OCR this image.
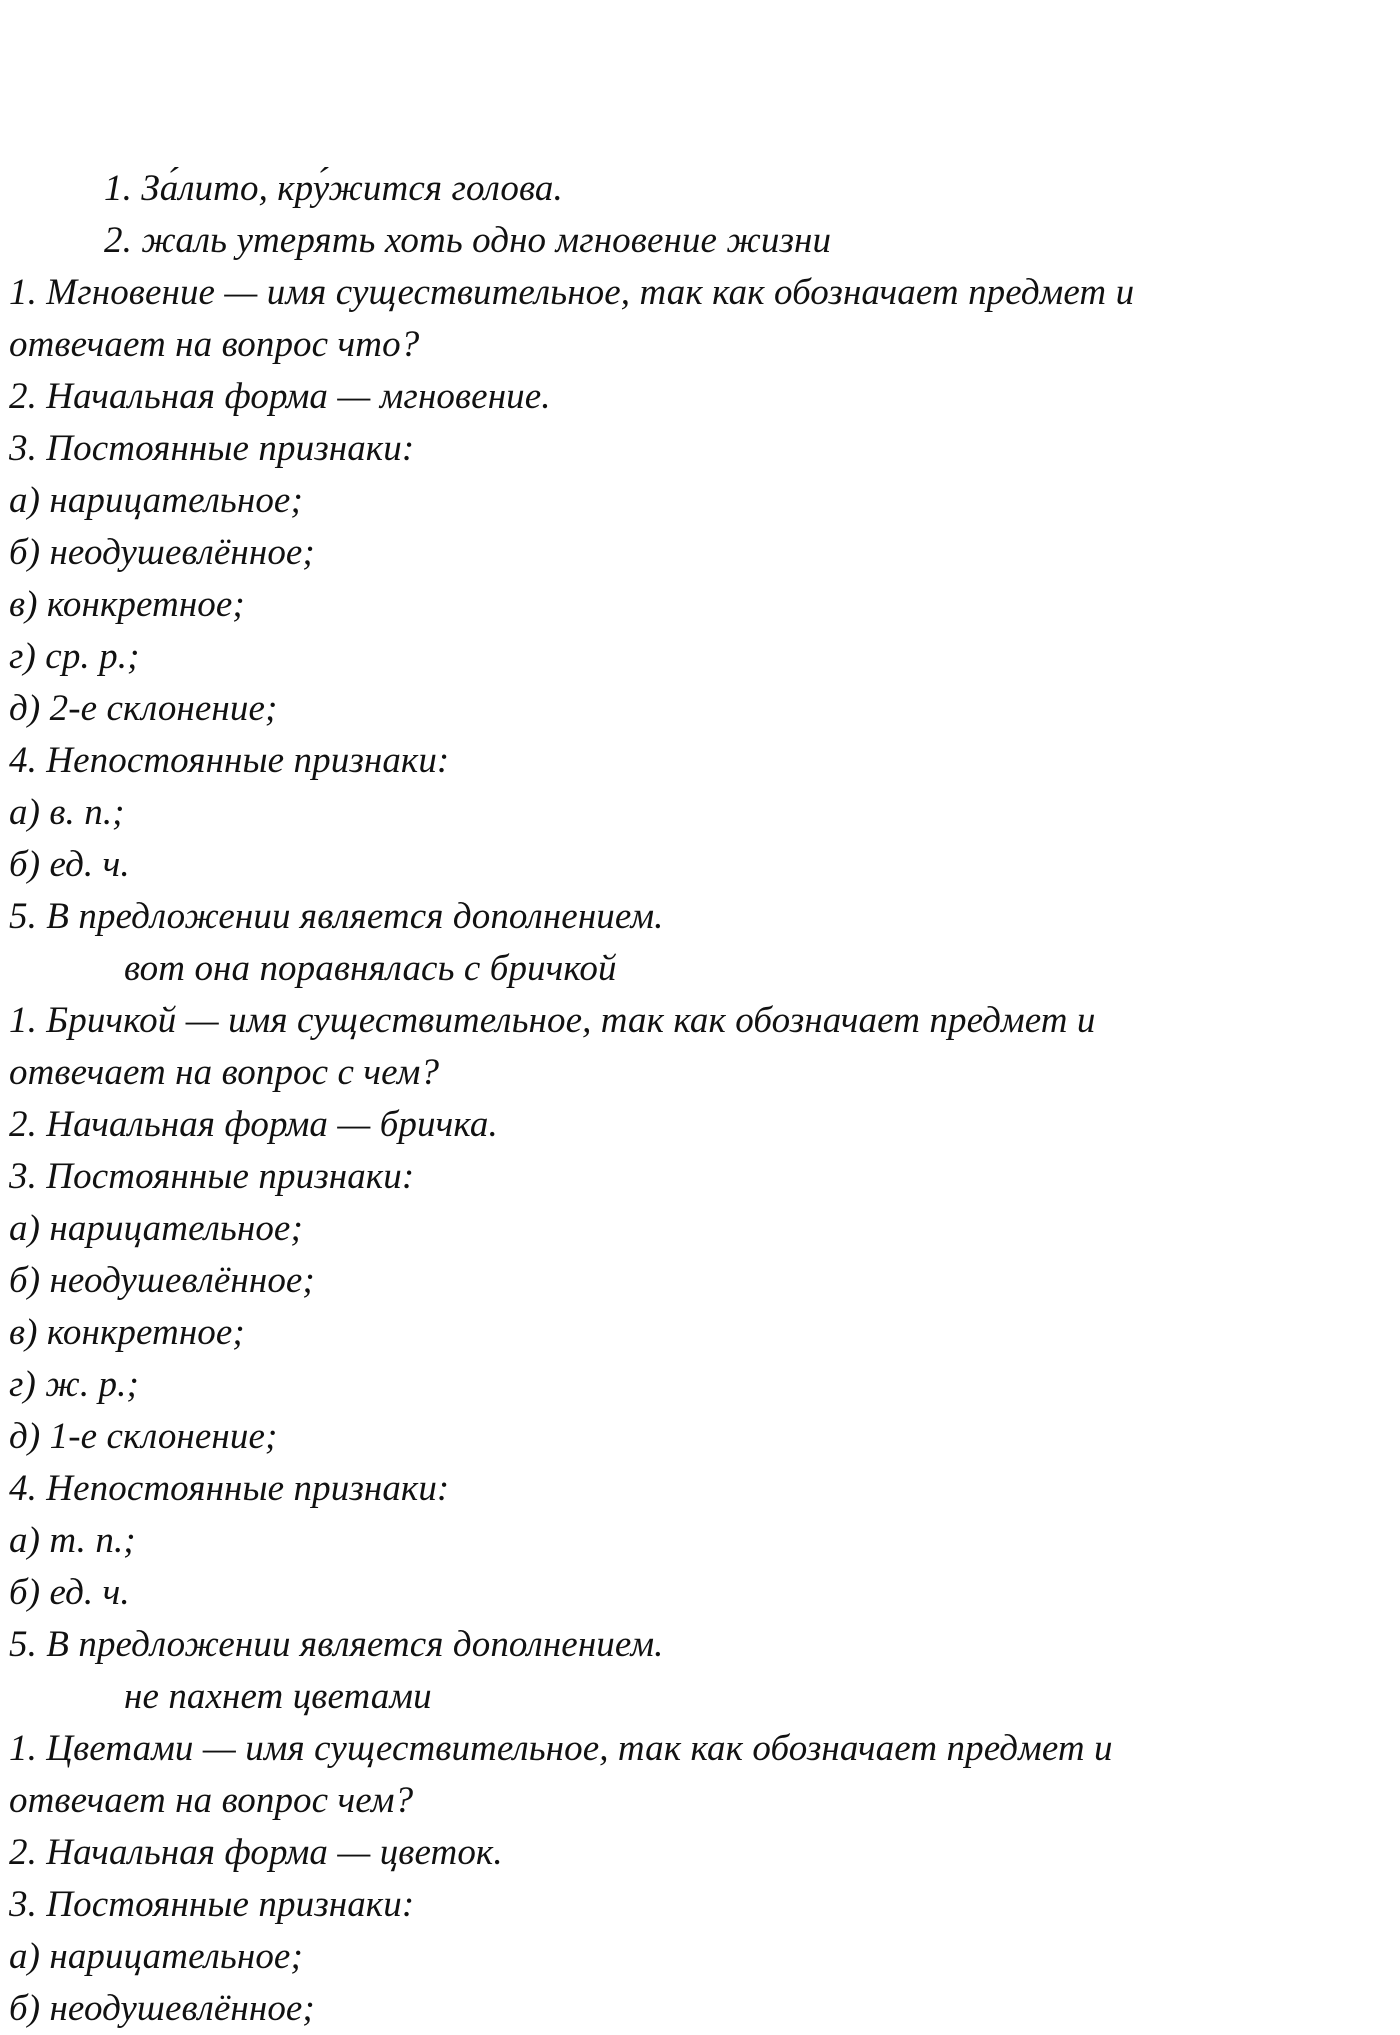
1. За́лито, кру́жится голова.
2. жаль утерять хоть одно мгновение жизни
1. Мгновение — имя существительное, так как обозначает предмет и
отвечает на вопрос что?
2. Начальная форма — мгновение.
3. Постоянные признаки:
а) нарицательное;
б) неодушевлённое;
в) конкретное;
г) ср. р.;
д) 2-е склонение;
4. Непостоянные признаки:
а) в. п.;
б) ед. ч.
5. В предложении является дополнением.
вот она поравнялась с бричкой
1. Бричкой — имя существительное, так как обозначает предмет и
отвечает на вопрос с чем?
2. Начальная форма — бричка.
3. Постоянные признаки:
а) нарицательное;
б) неодушевлённое;
в) конкретное;
г) ж. р.;
д) 1-е склонение;
4. Непостоянные признаки:
а) т. п.;
б) ед. ч.
5. В предложении является дополнением.
не пахнет цветами
1. Цветами — имя существительное, так как обозначает предмет и
отвечает на вопрос чем?
2. Начальная форма — цветок.
3. Постоянные признаки:
а) нарицательное;
б) неодушевлённое;
